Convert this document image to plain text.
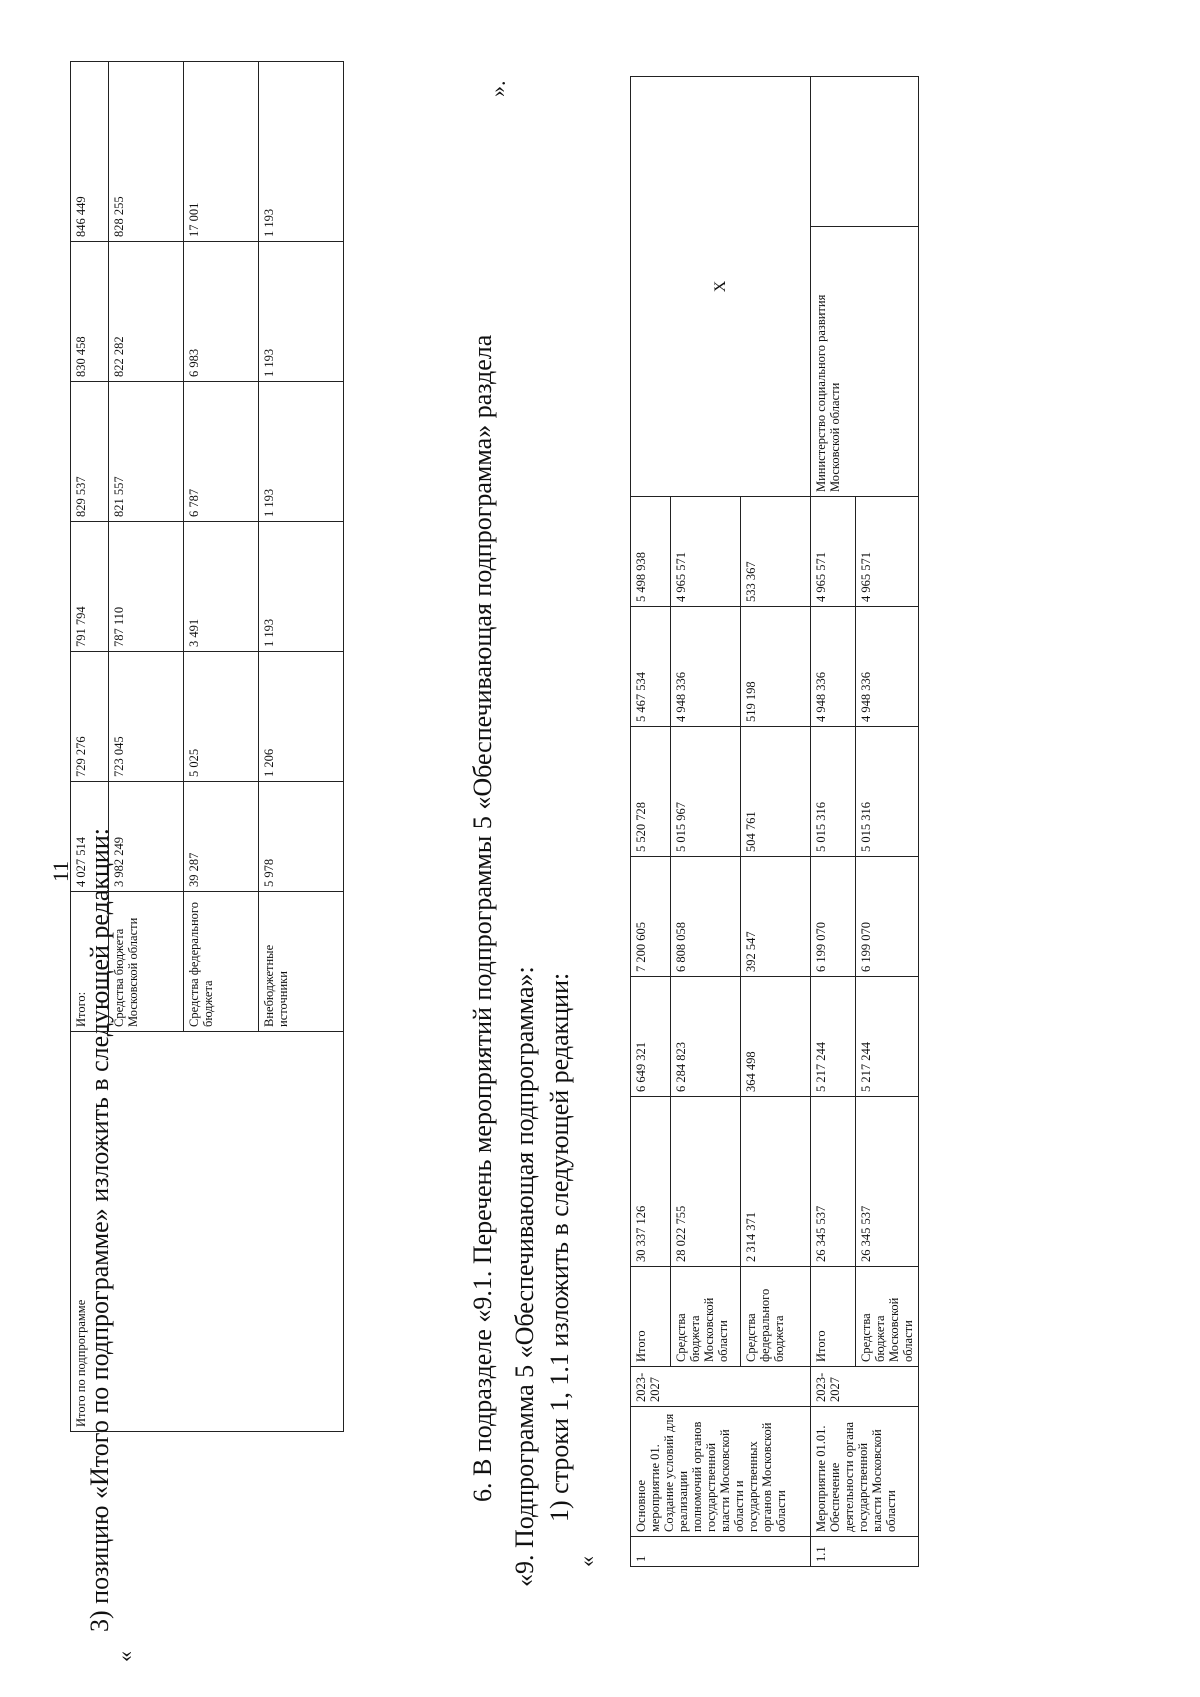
11 3) позицию «Итого по подпрограмме» изложить в следующей редакции:
«
Итого по подпрограмме	Итого:	4 027 514	729 276	791 794	829 537	830 458	846 449
	Средства бюджета Московской области	3 982 249	723 045	787 110	821 557	822 282	828 255
	Средства федерального бюджета	39 287	5 025	3 491	6 787	6 983	17 001
	Внебюджетные источники	5 978	1 206	1 193	1 193	1 193	1 193
».
6. В подразделе «9.1. Перечень мероприятий подпрограммы 5 «Обеспечивающая подпрограмма» раздела «9. Подпрограмма 5 «Обеспечивающая подпрограмма»: 1) строки 1, 1.1 изложить в следующей редакции:
«	1	Основное мероприятие 01. Создание условий для реализации полномочий органов государственной власти Московской области и государственных органов Московской области	2023-2027	Итого	30 337 126	6 649 321	7 200 605	5 520 728	5 467 534	5 498 938	Х	
			Средства бюджета Московской области	28 022 755	6 284 823	6 808 058	5 015 967	4 948 336	4 965 571		
			Средства федерального бюджета	2 314 371	364 498	392 547	504 761	519 198	533 367		
1.1	Мероприятие 01.01. Обеспечение деятельности органа государственной власти Московской области	2023-2027	Итого	26 345 537	5 217 244	6 199 070	5 015 316	4 948 336	4 965 571	Министерство социального развития Московской области	
			Средства бюджета Московской области	26 345 537	5 217 244	6 199 070	5 015 316	4 948 336	4 965 571		
